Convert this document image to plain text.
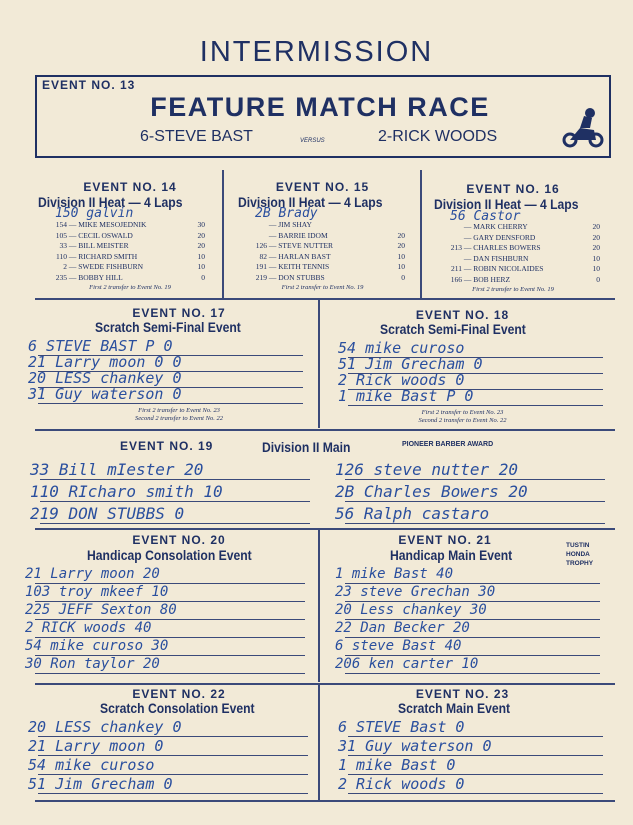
INTERMISSION
EVENT NO. 13
FEATURE MATCH RACE
6-STEVE BAST	VERSUS	2-RICK WOODS
EVENT NO. 14
Division II Heat — 4 Laps
150 galvin
154 — MIKE MESOJEDNIK	30
105 — CECIL OSWALD	20
33 — BILL MEISTER	20
110 — RICHARD SMITH	10
2 — SWEDE FISHBURN	10
235 — BOBBY HILL	0
First 2 transfer to Event No. 19
EVENT NO. 15
Division II Heat — 4 Laps
2B Brady
— JIM SHAY
— BARRIE IDOM	20
126 — STEVE NUTTER	20
82 — HARLAN BAST	10
191 — KEITH TENNIS	10
219 — DON STUBBS	0
First 2 transfer to Event No. 19
EVENT NO. 16
Division II Heat — 4 Laps
56 Castor
— MARK CHERRY	20
— GARY DENSFORD	20
213 — CHARLES BOWERS	20
— DAN FISHBURN	10
211 — ROBIN NICOLAIDES	10
166 — BOB HERZ	0
First 2 transfer to Event No. 19
EVENT NO. 17
Scratch Semi-Final Event
6 STEVE BAST P 0
21 Larry moon 0 0
20 LESS chankey 0
31 Guy waterson 0
First 2 transfer to Event No. 23
Second 2 transfer to Event No. 22
EVENT NO. 18
Scratch Semi-Final Event
54 mike curoso
51 Jim Grecham 0
2 Rick woods 0
1 mike Bast P 0
First 2 transfer to Event No. 23
Second 2 transfer to Event No. 22
EVENT NO. 19	Division II Main	PIONEER BARBER AWARD
33 Bill mIester 20
110 RIcharo smith 10
219 DON STUBBS 0
126 steve nutter 20
2B Charles Bowers 20
56 Ralph castaro
EVENT NO. 20
Handicap Consolation Event
21 Larry moon 20
103 troy mkeef 10
225 JEFF Sexton 80
2 RICK woods 40
54 mike curoso 30
30 Ron taylor 20
EVENT NO. 21
Handicap Main Event
TUSTIN HONDA TROPHY
1 mike Bast 40
23 steve Grechan 30
20 Less chankey 30
22 Dan Becker 20
6 steve Bast 40
206 ken carter 10
EVENT NO. 22
Scratch Consolation Event
20 LESS chankey 0
21 Larry moon 0
54 mike curoso
51 Jim Grecham 0
EVENT NO. 23
Scratch Main Event
6 STEVE Bast 0
31 Guy waterson 0
1 mike Bast 0
2 Rick woods 0
